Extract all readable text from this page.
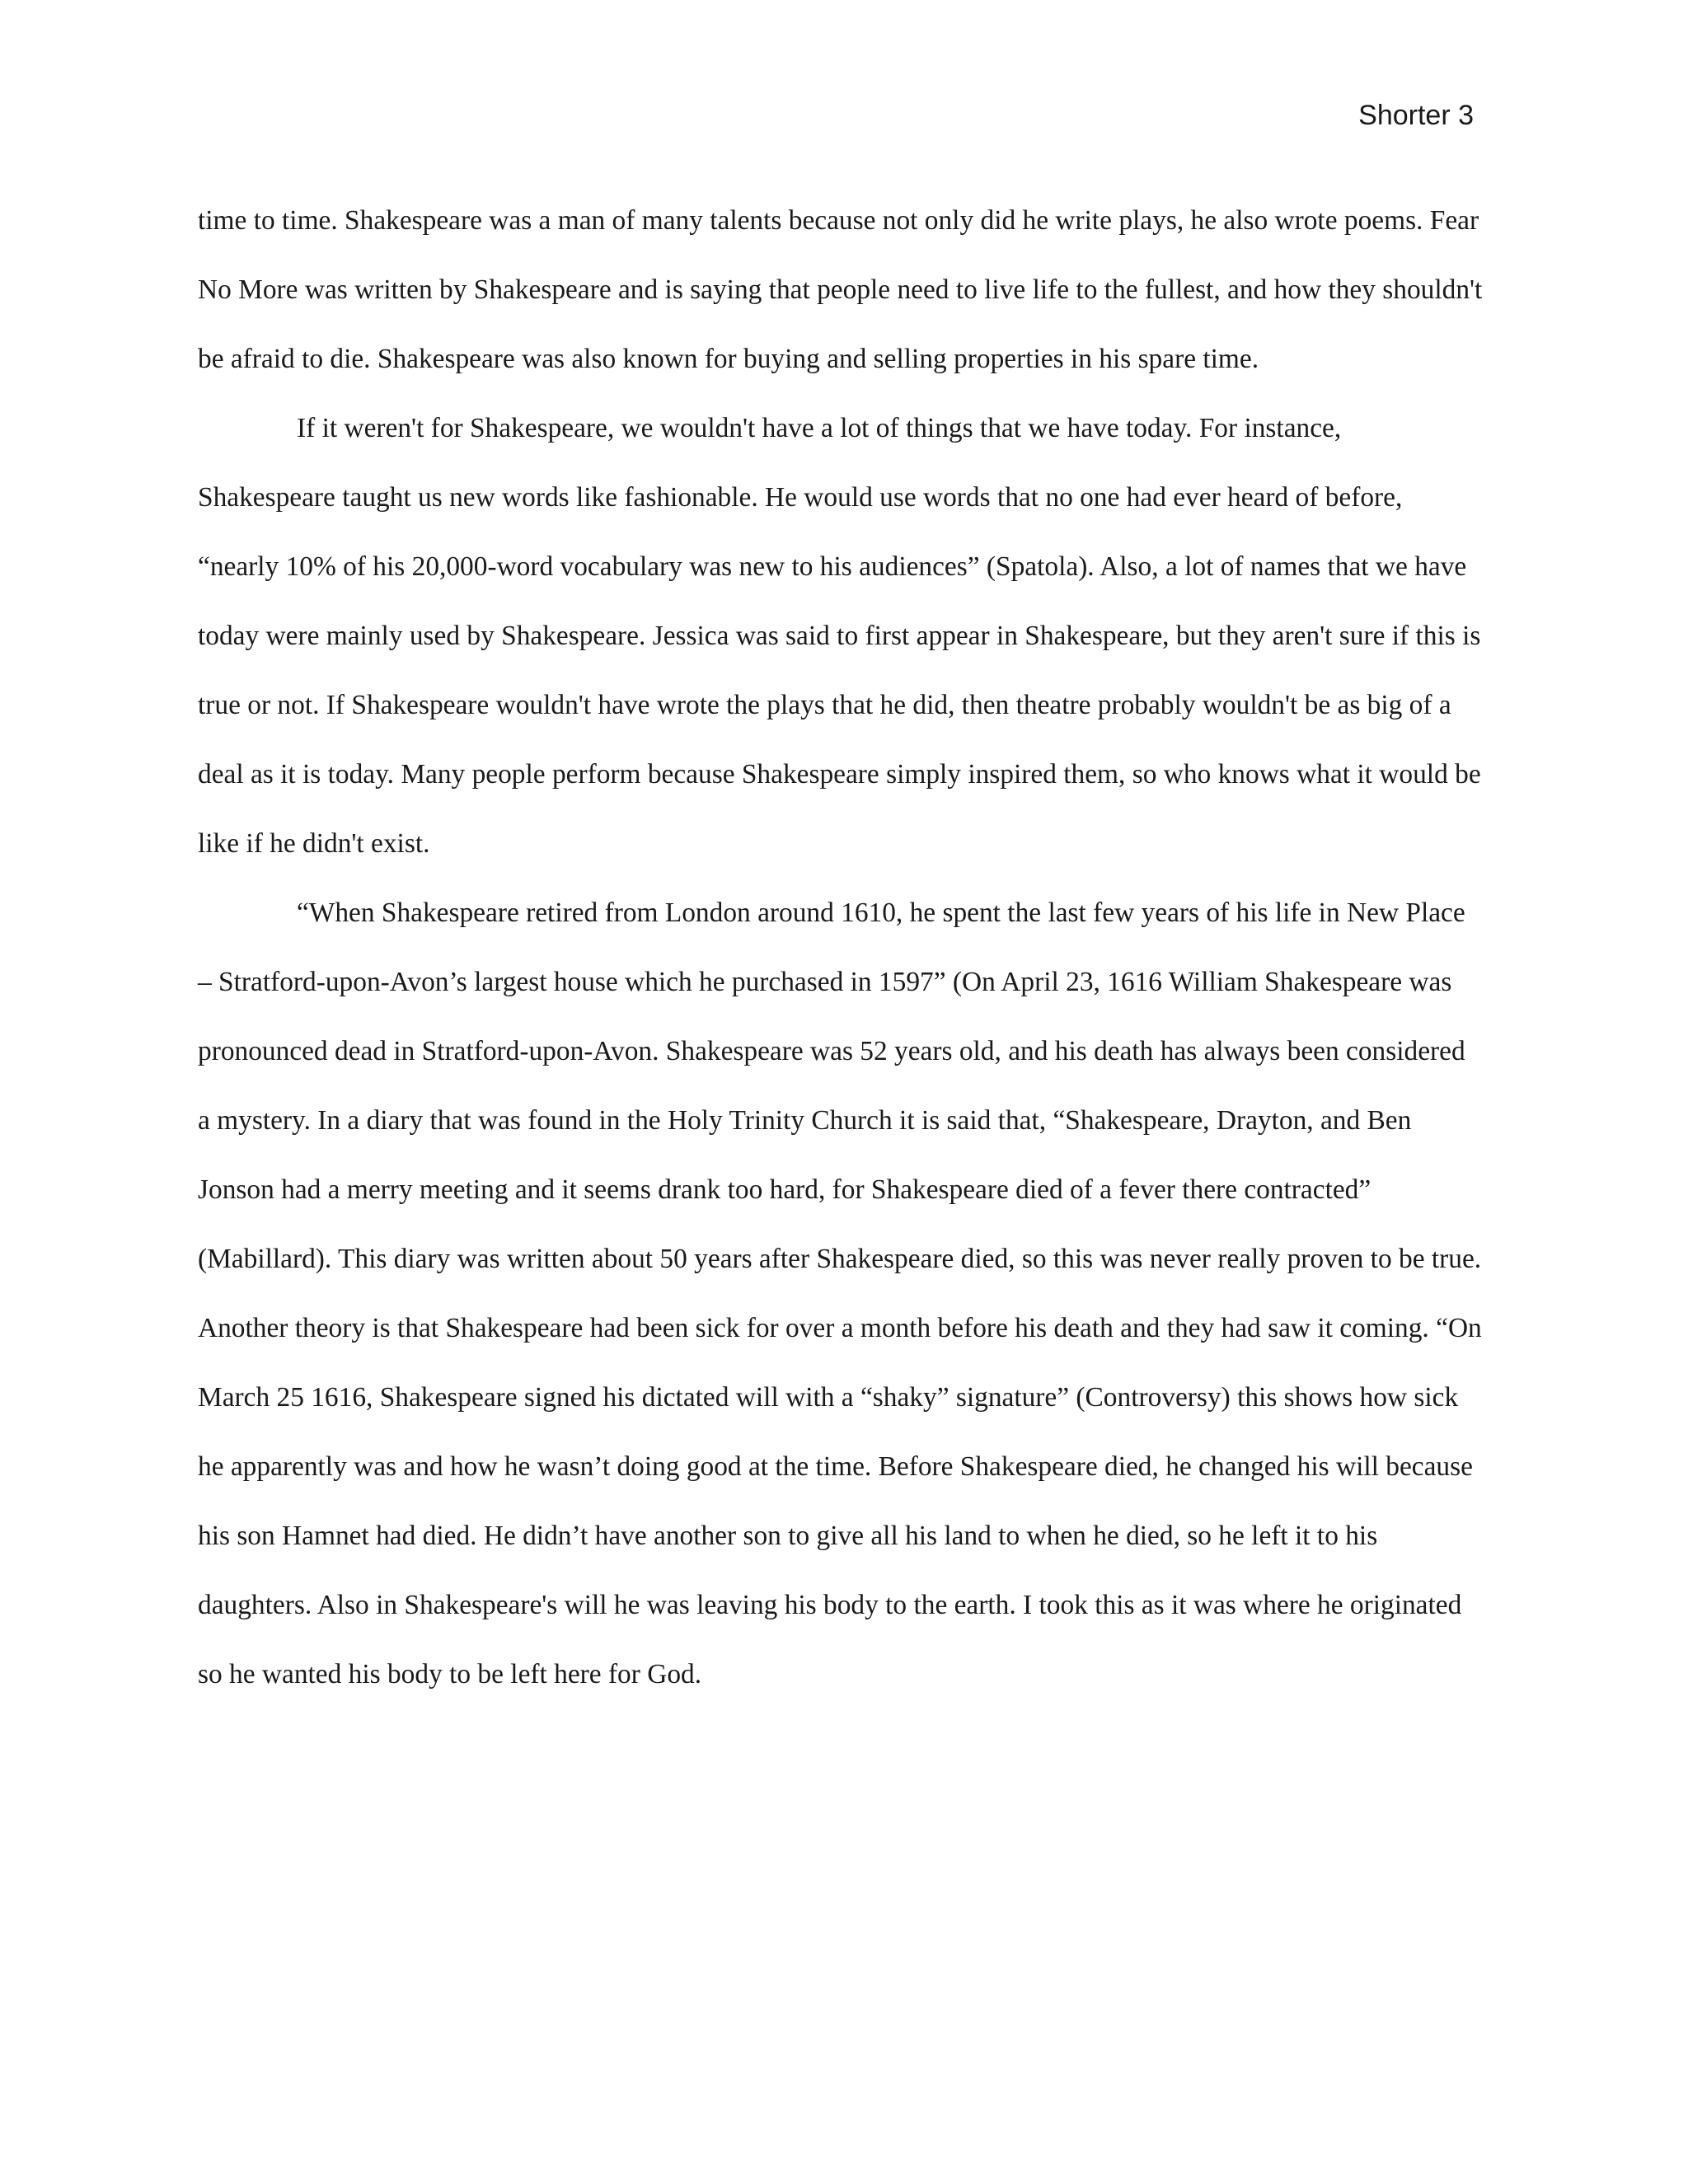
Shorter 3

time to time. Shakespeare was a man of many talents because not only did he write plays, he also wrote poems. Fear No More was written by Shakespeare and is saying that people need to live life to the fullest, and how they shouldn't be afraid to die. Shakespeare was also known for buying and selling properties in his spare time.

If it weren't for Shakespeare, we wouldn't have a lot of things that we have today. For instance, Shakespeare taught us new words like fashionable. He would use words that no one had ever heard of before, “nearly 10% of his 20,000-word vocabulary was new to his audiences” (Spatola). Also, a lot of names that we have today were mainly used by Shakespeare. Jessica was said to first appear in Shakespeare, but they aren't sure if this is true or not. If Shakespeare wouldn't have wrote the plays that he did, then theatre probably wouldn't be as big of a deal as it is today. Many people perform because Shakespeare simply inspired them, so who knows what it would be like if he didn't exist.

“When Shakespeare retired from London around 1610, he spent the last few years of his life in New Place – Stratford-upon-Avon’s largest house which he purchased in 1597” (On April 23, 1616 William Shakespeare was pronounced dead in Stratford-upon-Avon. Shakespeare was 52 years old, and his death has always been considered a mystery. In a diary that was found in the Holy Trinity Church it is said that, “Shakespeare, Drayton, and Ben Jonson had a merry meeting and it seems drank too hard, for Shakespeare died of a fever there contracted” (Mabillard). This diary was written about 50 years after Shakespeare died, so this was never really proven to be true. Another theory is that Shakespeare had been sick for over a month before his death and they had saw it coming. “On March 25 1616, Shakespeare signed his dictated will with a “shaky” signature” (Controversy) this shows how sick he apparently was and how he wasn’t doing good at the time. Before Shakespeare died, he changed his will because his son Hamnet had died. He didn’t have another son to give all his land to when he died, so he left it to his daughters. Also in Shakespeare's will he was leaving his body to the earth. I took this as it was where he originated so he wanted his body to be left here for God.
